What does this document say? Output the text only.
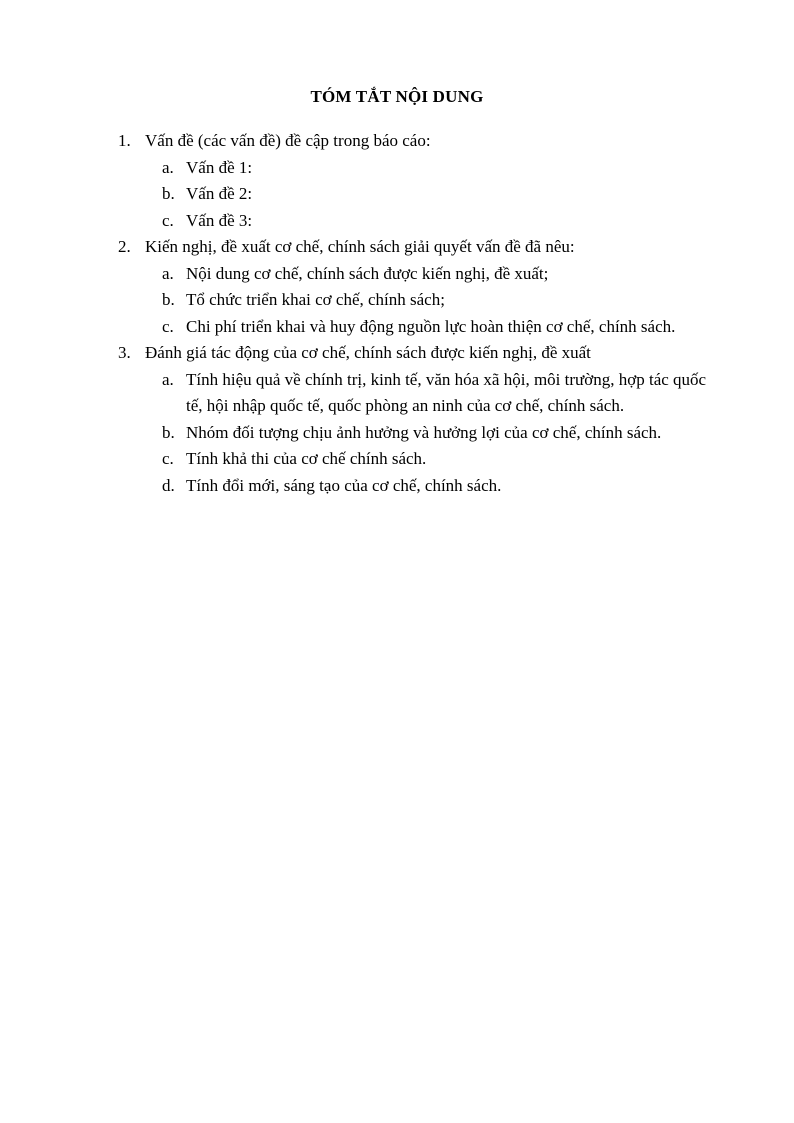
TÓM TẮT NỘI DUNG
1. Vấn đề (các vấn đề) đề cập trong báo cáo:
a. Vấn đề 1:
b. Vấn đề 2:
c. Vấn đề 3:
2. Kiến nghị, đề xuất cơ chế, chính sách giải quyết vấn đề đã nêu:
a. Nội dung cơ chế, chính sách được kiến nghị, đề xuất;
b. Tổ chức triển khai cơ chế, chính sách;
c. Chi phí triển khai và huy động nguồn lực hoàn thiện cơ chế, chính sách.
3. Đánh giá tác động của cơ chế, chính sách được kiến nghị, đề xuất
a. Tính hiệu quả về chính trị, kinh tế, văn hóa xã hội, môi trường, hợp tác quốc tế, hội nhập quốc tế, quốc phòng an ninh của cơ chế, chính sách.
b. Nhóm đối tượng chịu ảnh hưởng và hưởng lợi của cơ chế, chính sách.
c. Tính khả thi của cơ chế chính sách.
d. Tính đổi mới, sáng tạo của cơ chế, chính sách.
